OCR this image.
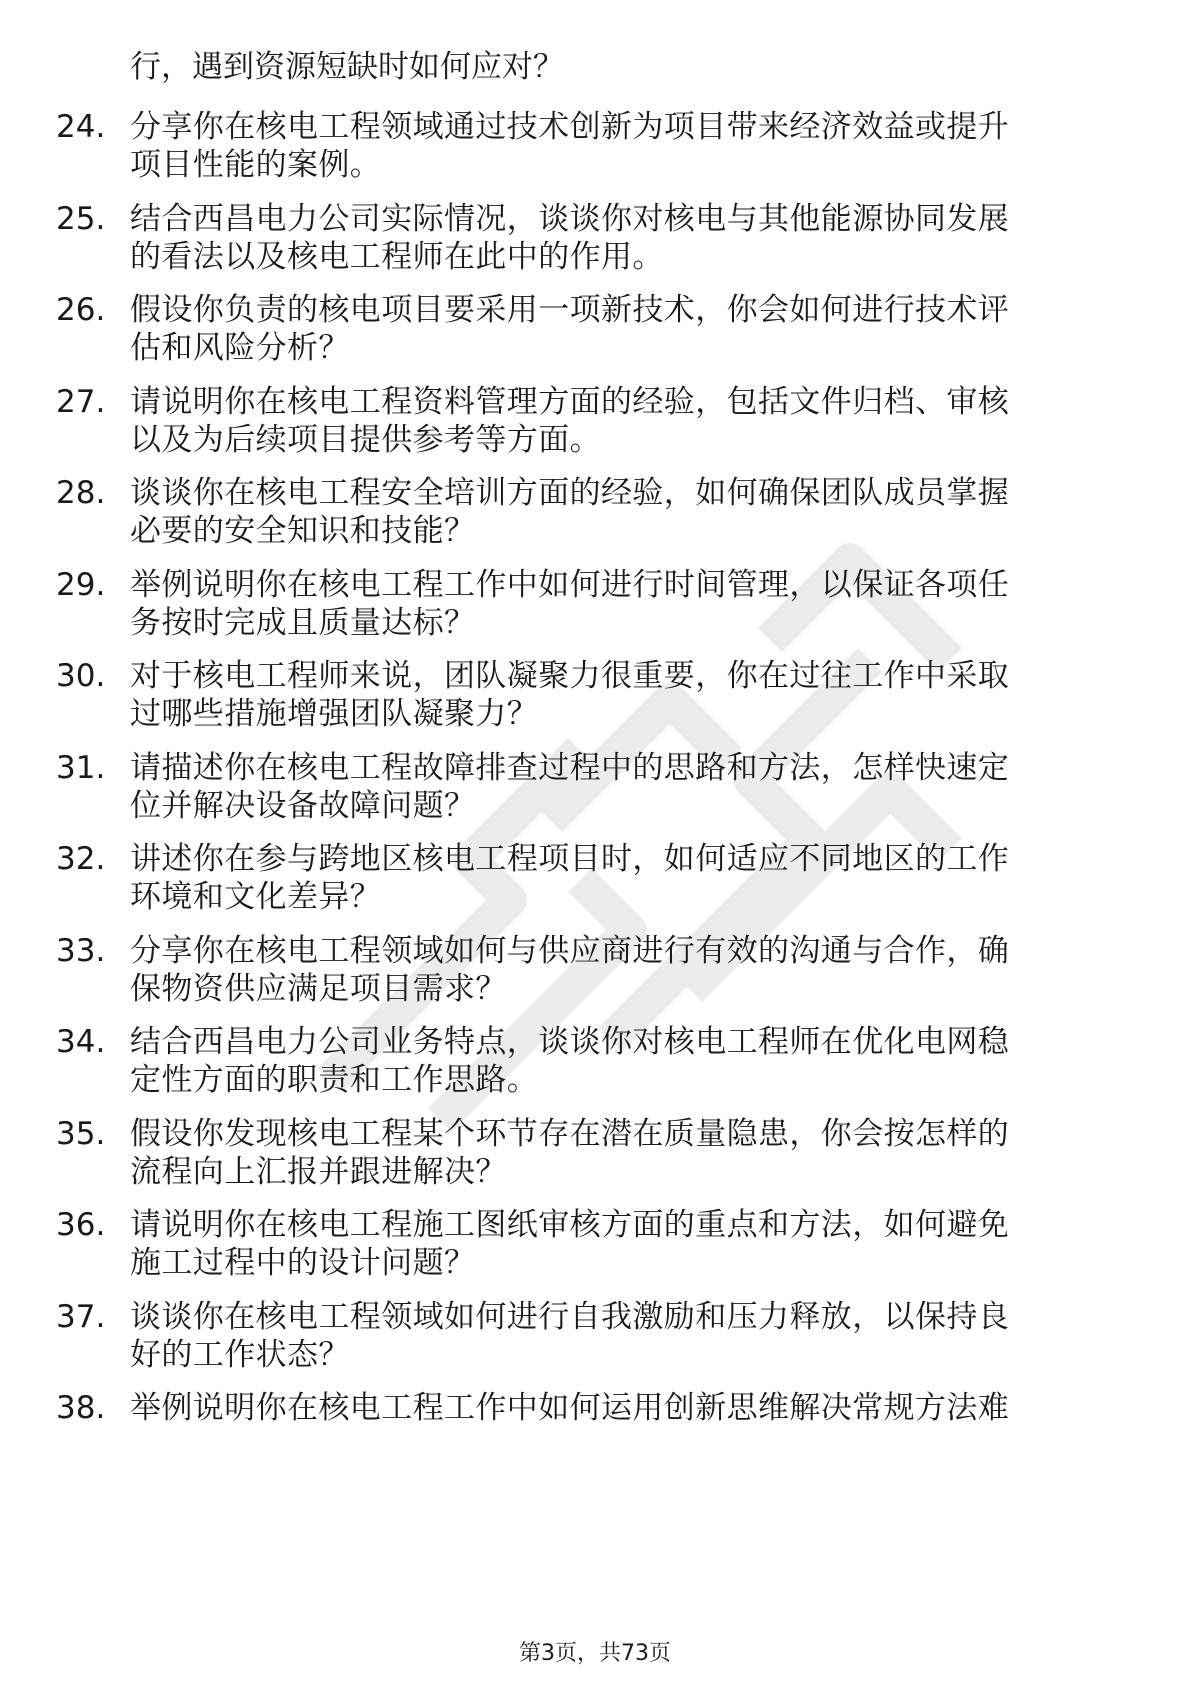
行，遇到资源短缺时如何应对？
24. 分享你在核电工程领域通过技术创新为项目带来经济效益或提升
项目性能的案例。
25. 结合西昌电力公司实际情况，谈谈你对核电与其他能源协同发展
的看法以及核电工程师在此中的作用。
26. 假设你负责的核电项目要采用一项新技术，你会如何进行技术评
估和风险分析？
27. 请说明你在核电工程资料管理方面的经验，包括文件归档、审核
以及为后续项目提供参考等方面。
28. 谈谈你在核电工程安全培训方面的经验，如何确保团队成员掌握
必要的安全知识和技能？
29. 举例说明你在核电工程工作中如何进行时间管理，以保证各项任
务按时完成且质量达标？
30. 对于核电工程师来说，团队凝聚力很重要，你在过往工作中采取
过哪些措施增强团队凝聚力？
31. 请描述你在核电工程故障排查过程中的思路和方法，怎样快速定
位并解决设备故障问题？
32. 讲述你在参与跨地区核电工程项目时，如何适应不同地区的工作
环境和文化差异？
33. 分享你在核电工程领域如何与供应商进行有效的沟通与合作，确
保物资供应满足项目需求？
34. 结合西昌电力公司业务特点，谈谈你对核电工程师在优化电网稳
定性方面的职责和工作思路。
35. 假设你发现核电工程某个环节存在潜在质量隐患，你会按怎样的
流程向上汇报并跟进解决？
36. 请说明你在核电工程施工图纸审核方面的重点和方法，如何避免
施工过程中的设计问题？
37. 谈谈你在核电工程领域如何进行自我激励和压力释放，以保持良
好的工作状态？
38. 举例说明你在核电工程工作中如何运用创新思维解决常规方法难
第3页，共73页
